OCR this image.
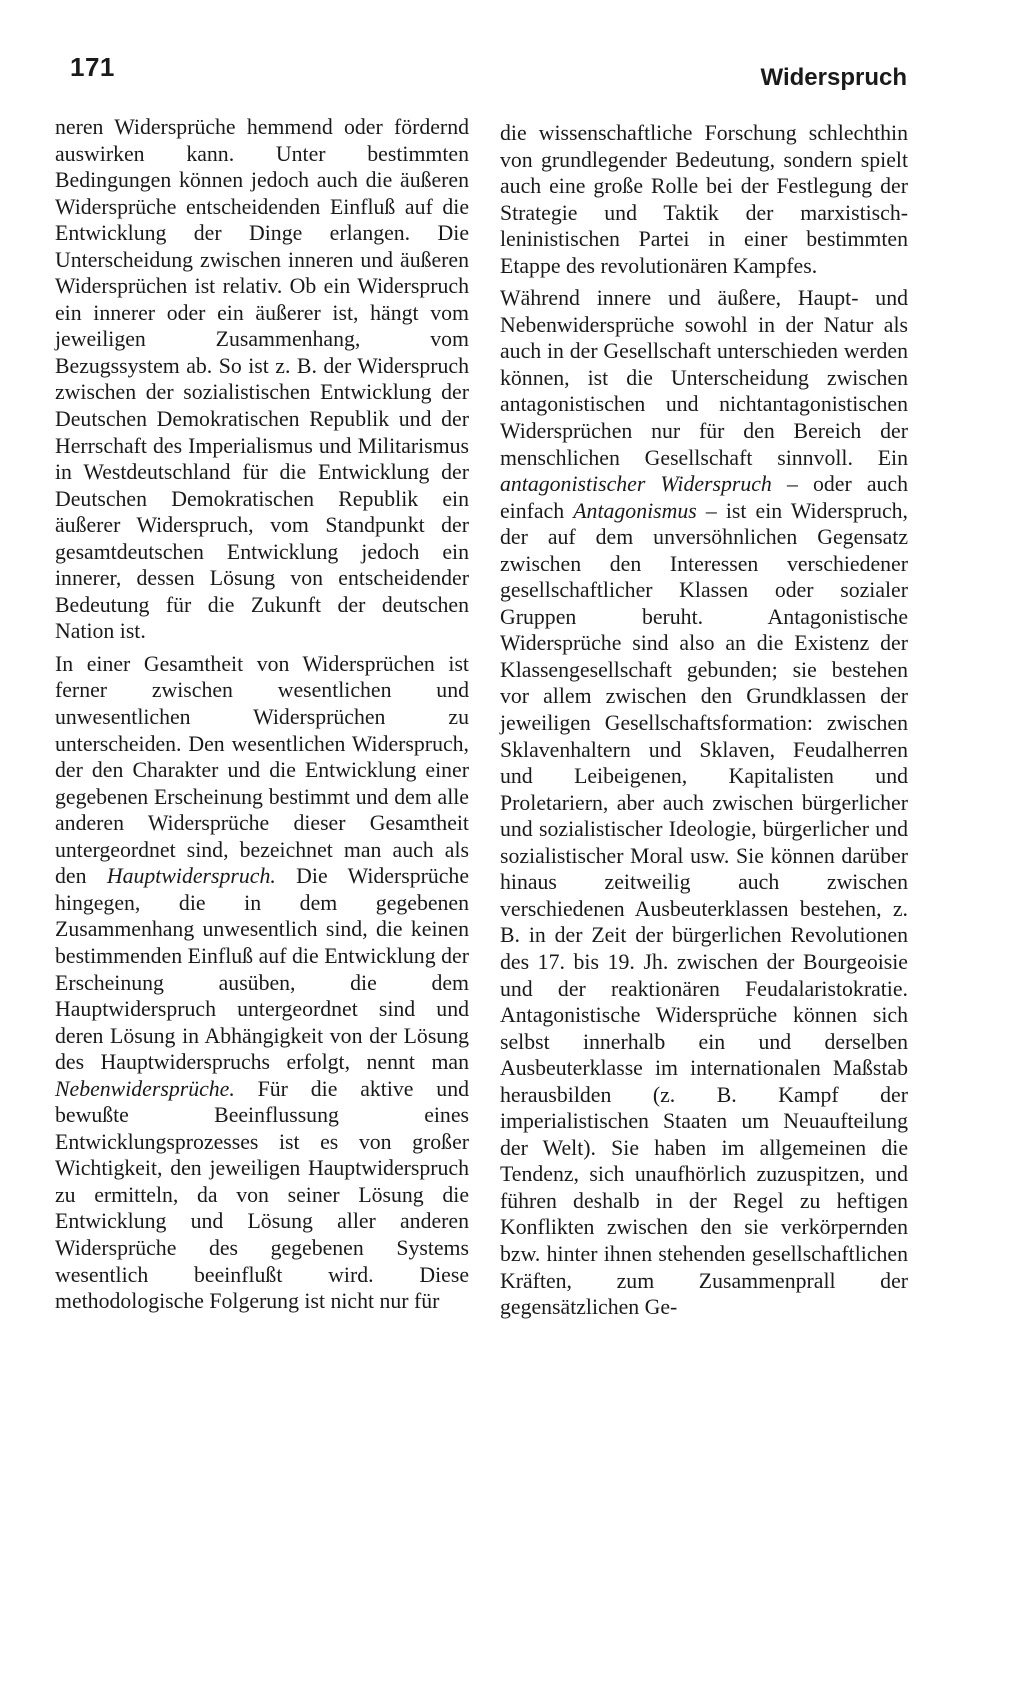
171	Widerspruch

neren Widersprüche hemmend oder fördernd auswirken kann. Unter bestimmten Bedingungen können jedoch auch die äußeren Widersprüche entscheidenden Einfluß auf die Entwicklung der Dinge erlangen. Die Unterscheidung zwischen inneren und äußeren Widersprüchen ist relativ. Ob ein Widerspruch ein innerer oder ein äußerer ist, hängt vom jeweiligen Zusammenhang, vom Bezugssystem ab. So ist z. B. der Widerspruch zwischen der sozialistischen Entwicklung der Deutschen Demokratischen Republik und der Herrschaft des Imperialismus und Militarismus in Westdeutschland für die Entwicklung der Deutschen Demokratischen Republik ein äußerer Widerspruch, vom Standpunkt der gesamtdeutschen Entwicklung jedoch ein innerer, dessen Lösung von entscheidender Bedeutung für die Zukunft der deutschen Nation ist.

In einer Gesamtheit von Widersprüchen ist ferner zwischen wesentlichen und unwesentlichen Widersprüchen zu unterscheiden. Den wesentlichen Widerspruch, der den Charakter und die Entwicklung einer gegebenen Erscheinung bestimmt und dem alle anderen Widersprüche dieser Gesamtheit untergeordnet sind, bezeichnet man auch als den Hauptwiderspruch. Die Widersprüche hingegen, die in dem gegebenen Zusammenhang unwesentlich sind, die keinen bestimmenden Einfluß auf die Entwicklung der Erscheinung ausüben, die dem Hauptwiderspruch untergeordnet sind und deren Lösung in Abhängigkeit von der Lösung des Hauptwiderspruchs erfolgt, nennt man Nebenwidersprüche. Für die aktive und bewußte Beeinflussung eines Entwicklungsprozesses ist es von großer Wichtigkeit, den jeweiligen Hauptwiderspruch zu ermitteln, da von seiner Lösung die Entwicklung und Lösung aller anderen Widersprüche des gegebenen Systems wesentlich beeinflußt wird. Diese methodologische Folgerung ist nicht nur für

die wissenschaftliche Forschung schlechthin von grundlegender Bedeutung, sondern spielt auch eine große Rolle bei der Festlegung der Strategie und Taktik der marxistisch-leninistischen Partei in einer bestimmten Etappe des revolutionären Kampfes.

Während innere und äußere, Haupt- und Nebenwidersprüche sowohl in der Natur als auch in der Gesellschaft unterschieden werden können, ist die Unterscheidung zwischen antagonistischen und nichtantagonistischen Widersprüchen nur für den Bereich der menschlichen Gesellschaft sinnvoll. Ein antagonistischer Widerspruch – oder auch einfach Antagonismus – ist ein Widerspruch, der auf dem unversöhnlichen Gegensatz zwischen den Interessen verschiedener gesellschaftlicher Klassen oder sozialer Gruppen beruht. Antagonistische Widersprüche sind also an die Existenz der Klassengesellschaft gebunden; sie bestehen vor allem zwischen den Grundklassen der jeweiligen Gesellschaftsformation: zwischen Sklavenhaltern und Sklaven, Feudalherren und Leibeigenen, Kapitalisten und Proletariern, aber auch zwischen bürgerlicher und sozialistischer Ideologie, bürgerlicher und sozialistischer Moral usw. Sie können darüber hinaus zeitweilig auch zwischen verschiedenen Ausbeuterklassen bestehen, z. B. in der Zeit der bürgerlichen Revolutionen des 17. bis 19. Jh. zwischen der Bourgeoisie und der reaktionären Feudalaristokratie. Antagonistische Widersprüche können sich selbst innerhalb ein und derselben Ausbeuterklasse im internationalen Maßstab herausbilden (z. B. Kampf der imperialistischen Staaten um Neuaufteilung der Welt). Sie haben im allgemeinen die Tendenz, sich unaufhörlich zuzuspitzen, und führen deshalb in der Regel zu heftigen Konflikten zwischen den sie verkörpernden bzw. hinter ihnen stehenden gesellschaftlichen Kräften, zum Zusammenprall der gegensätzlichen Ge-
